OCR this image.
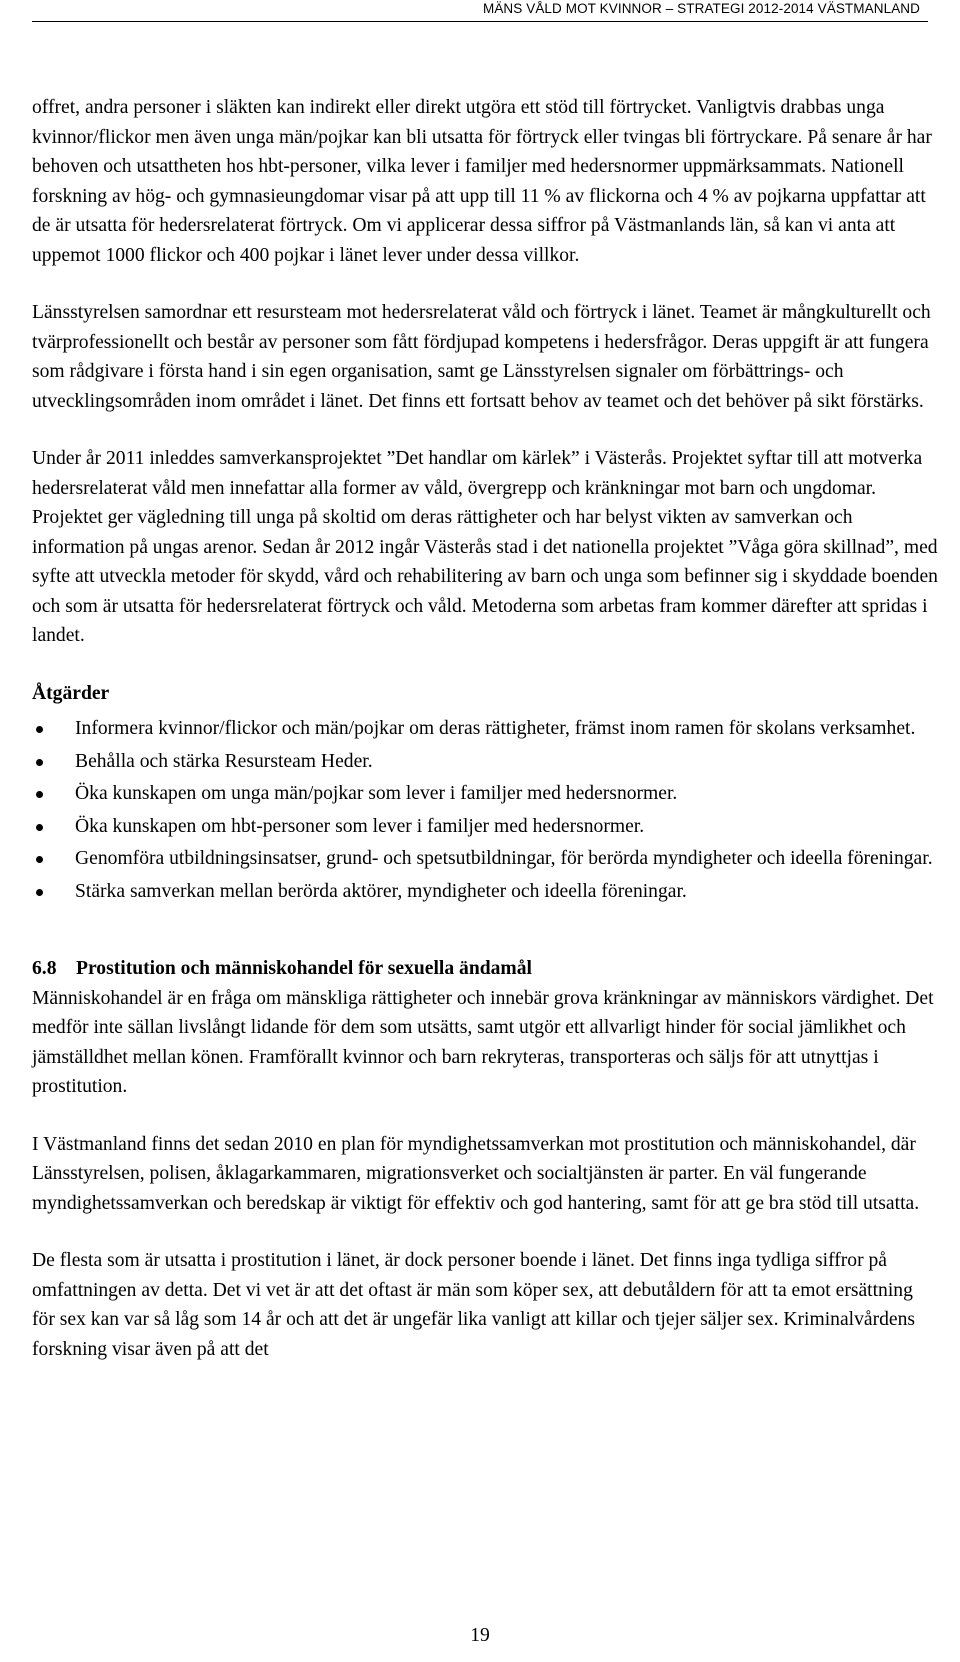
MÄNS VÅLD MOT KVINNOR – STRATEGI 2012-2014 VÄSTMANLAND

offret, andra personer i släkten kan indirekt eller direkt utgöra ett stöd till förtrycket. Vanligtvis drabbas unga kvinnor/flickor men även unga män/pojkar kan bli utsatta för förtryck eller tvingas bli förtryckare. På senare år har behoven och utsattheten hos hbt-personer, vilka lever i familjer med hedersnormer uppmärksammats. Nationell forskning av hög- och gymnasieungdomar visar på att upp till 11 % av flickorna och 4 % av pojkarna uppfattar att de är utsatta för hedersrelaterat förtryck. Om vi applicerar dessa siffror på Västmanlands län, så kan vi anta att uppemot 1000 flickor och 400 pojkar i länet lever under dessa villkor.

Länsstyrelsen samordnar ett resursteam mot hedersrelaterat våld och förtryck i länet. Teamet är mångkulturellt och tvärprofessionellt och består av personer som fått fördjupad kompetens i hedersfrågor. Deras uppgift är att fungera som rådgivare i första hand i sin egen organisation, samt ge Länsstyrelsen signaler om förbättrings- och utvecklingsområden inom området i länet. Det finns ett fortsatt behov av teamet och det behöver på sikt förstärks.

Under år 2011 inleddes samverkansprojektet ”Det handlar om kärlek” i Västerås. Projektet syftar till att motverka hedersrelaterat våld men innefattar alla former av våld, övergrepp och kränkningar mot barn och ungdomar. Projektet ger vägledning till unga på skoltid om deras rättigheter och har belyst vikten av samverkan och information på ungas arenor. Sedan år 2012 ingår Västerås stad i det nationella projektet ”Våga göra skillnad”, med syfte att utveckla metoder för skydd, vård och rehabilitering av barn och unga som befinner sig i skyddade boenden och som är utsatta för hedersrelaterat förtryck och våld. Metoderna som arbetas fram kommer därefter att spridas i landet.

Åtgärder
Informera kvinnor/flickor och män/pojkar om deras rättigheter, främst inom ramen för skolans verksamhet.
Behålla och stärka Resursteam Heder.
Öka kunskapen om unga män/pojkar som lever i familjer med hedersnormer.
Öka kunskapen om hbt-personer som lever i familjer med hedersnormer.
Genomföra utbildningsinsatser, grund- och spetsutbildningar, för berörda myndigheter och ideella föreningar.
Stärka samverkan mellan berörda aktörer, myndigheter och ideella föreningar.
6.8 Prostitution och människohandel för sexuella ändamål

Människohandel är en fråga om mänskliga rättigheter och innebär grova kränkningar av människors värdighet. Det medför inte sällan livslångt lidande för dem som utsätts, samt utgör ett allvarligt hinder för social jämlikhet och jämställdhet mellan könen. Framförallt kvinnor och barn rekryteras, transporteras och säljs för att utnyttjas i prostitution.

I Västmanland finns det sedan 2010 en plan för myndighetssamverkan mot prostitution och människohandel, där Länsstyrelsen, polisen, åklagarkammaren, migrationsverket och socialtjänsten är parter. En väl fungerande myndighetssamverkan och beredskap är viktigt för effektiv och god hantering, samt för att ge bra stöd till utsatta.

De flesta som är utsatta i prostitution i länet, är dock personer boende i länet. Det finns inga tydliga siffror på omfattningen av detta. Det vi vet är att det oftast är män som köper sex, att debutåldern för att ta emot ersättning för sex kan var så låg som 14 år och att det är ungefär lika vanligt att killar och tjejer säljer sex. Kriminalvårdens forskning visar även på att det

19
